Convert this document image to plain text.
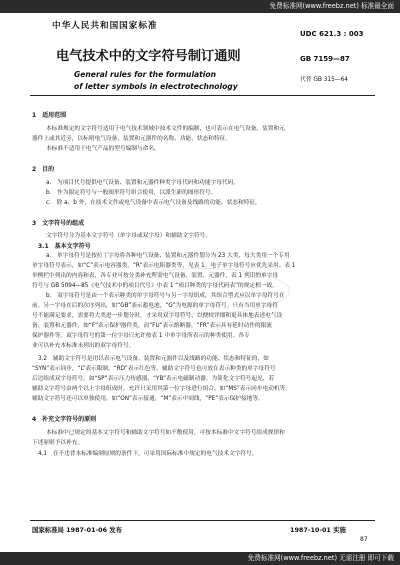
免费标准网(www.freebz.net) 标准最全面
中华人民共和国国家标准
UDC 621.3 : 003
电气技术中的文字符号制订通则	GB 7159—87
General rules for the formulation
代替 GB 315—64
of letter symbols in electrotechnology
1　适用范围
本标准规定的文字符号适用于电气技术领域中技术文件的编制，也可表示在电气设备、装置和元
器件上或其近旁，以标明电气设备、装置和元器件的名称、功能、状态和特征。
本标准不适用于电气产品的型号编制与命名。
2　目的
a.　为项目代号提供电气设备、装置和元器件种类字母代码和功能字母代码。
b.　作为限定符号与一般图形符号组合使用，以派生新的图形符号。
c.　除 a、b 外，在技术文件或电气设备中表示电气设备及线路的功能、状态和特征。
3　文字符号的组成
文字符号分为基本文字符号（单字母或双字母）和辅助文字符号。
3.1　基本文字符号
a.　单字母符号是按拉丁字母将各种电气设备、装置和元器件划分为 23 大类，每大类用一个专用
单字母符号表示，如“C”表示电容器类，“R”表示电阻器类等，见表 1。电子单字母符号应优先采用。表 1
举例栏中列出的内容和表，各专业可按分类补充所需电气设备、装置、元器件，表 1 列出的单字母
符号与 GB 5094—85《电气技术中的项目代号》中表 1 “项目种类的字母代码表”的规定相一致。
b.　双字母符号是由一个表示种类的单字母符号与另一字母组成，其组合型式应以单字母符号在
前、另一字母在后的次序列出，如“GB”表示蓄电池，“G”为电源的单字母符号。只有当用单字母符
号不能满足要求，需要将大类进一步划分时，才采用双字母符号，以便较详细和更具体地表述电气设
备、装置和元器件，如“F”表示保护器件类，而“FU”表示熔断器，“FR”表示具有延时动作的限流
保护器件等。双字母符号的第一位字母只允许按表 1 中单字母所表示的种类使用。各专
业可以补充本标准未列出的双字母符号。
3.2　辅助文字符号是用以表示电气设备、装置和元器件以及线路的功能、状态和特征的，如
“SYN”表示同步，“L”表示限制，“RD”表示红色等。辅助文字符号也可放在表示种类的单字母符号
后边组成双字母符号，如“SP”表示压力传感器，“YB”表示电磁制动器。为简化文字符号起见，若
辅助文字符号由两个以上字母组成时，允许只采用其第一位字母进行组合，如“MS”表示同步电动机等。
辅助文字符号还可以单独使用，如“ON”表示接通，“M”表示中间线，“PE”表示保护接地等。
4　补充文字符号的原则
本标准中已规定的基本文字符号和辅助文字符号如不敷使用，可按本标准中文字符号组成规律和
下述原则予以补充。
4.1　在不违背本标准编制原则的条件下，可采用国际标准中规定的电气技术文字符号。
国家标准局 1987-01-06 发布	1987-10-01 实施
87
免费标准网(www.freebz.net) 无需注册 即可下载
